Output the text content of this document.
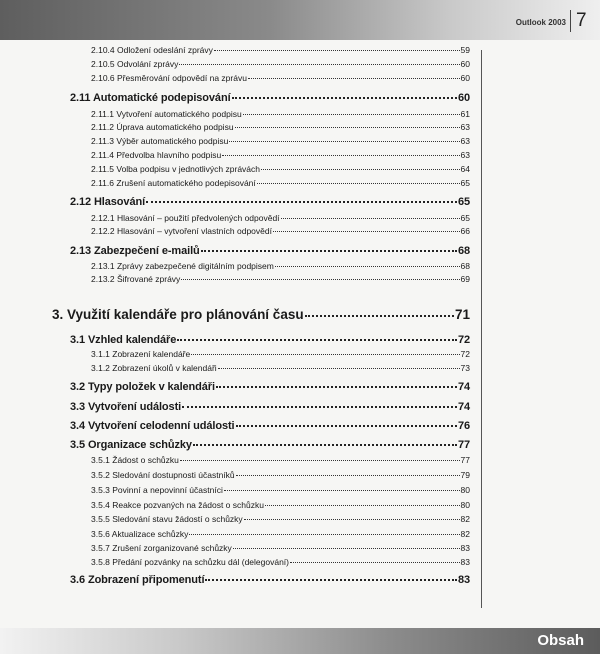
Outlook 2003 7
2.10.4 Odložení odeslání zprávy	59
2.10.5 Odvolání zprávy	60
2.10.6 Přesměrování odpovědí na zprávu	60
2.11 Automatické podepisování	60
2.11.1 Vytvoření automatického podpisu	61
2.11.2 Úprava automatického podpisu	63
2.11.3 Výběr automatického podpisu	63
2.11.4 Předvolba hlavního podpisu	63
2.11.5 Volba podpisu v jednotlivých zprávách	64
2.11.6 Zrušení automatického podepisování	65
2.12 Hlasování	65
2.12.1 Hlasování – použití předvolených odpovědí	65
2.12.2 Hlasování – vytvoření vlastních odpovědí	66
2.13 Zabezpečení e-mailů	68
2.13.1 Zprávy zabezpečené digitálním podpisem	68
2.13.2 Šifrované zprávy	69
3. Využití kalendáře pro plánování času	71
3.1 Vzhled kalendáře	72
3.1.1 Zobrazení kalendáře	72
3.1.2 Zobrazení úkolů v kalendáři	73
3.2 Typy položek v kalendáři	74
3.3 Vytvoření události	74
3.4 Vytvoření celodenní události	76
3.5 Organizace schůzky	77
3.5.1 Žádost o schůzku	77
3.5.2 Sledování dostupnosti účastníků	79
3.5.3 Povinní a nepovinní účastníci	80
3.5.4 Reakce pozvaných na žádost o schůzku	80
3.5.5 Sledování stavu žádostí o schůzky	82
3.5.6 Aktualizace schůzky	82
3.5.7 Zrušení zorganizované schůzky	83
3.5.8 Předání pozvánky na schůzku dál (delegování)	83
3.6 Zobrazení připomenutí	83
Obsah
